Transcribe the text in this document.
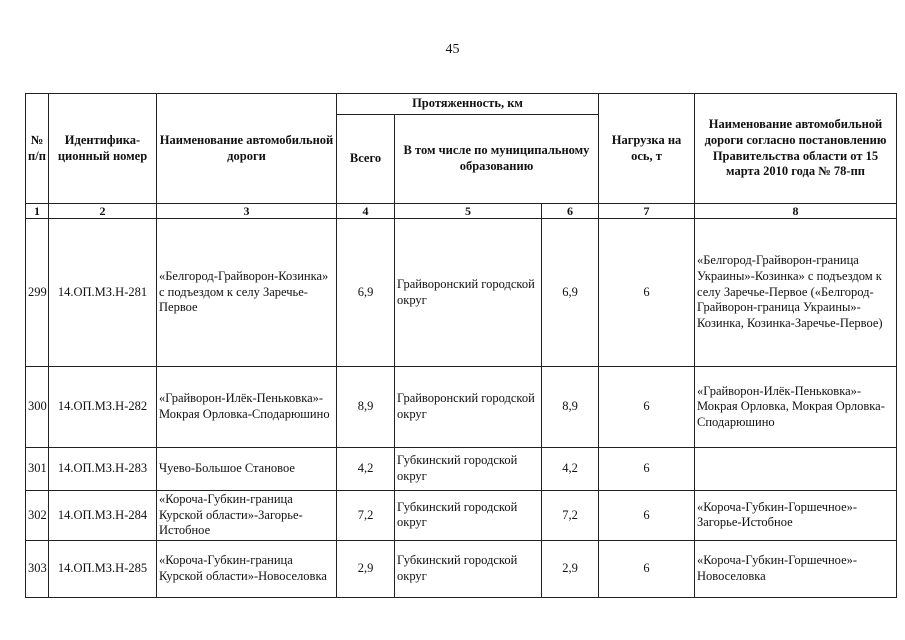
45
№ п/п	Идентифика-ционный номер	Наименование автомобильной дороги	Протяженность, км			Нагрузка на ось, т	Наименование автомобильной дороги согласно постановлению Правительства области от 15 марта 2010 года № 78-пп
			Всего	В том числе по муниципальному образованию			
1	2	3	4	5	6	7	8
299	14.ОП.МЗ.Н-281	«Белгород-Грайворон-Козинка» с подъездом к селу Заречье-Первое	6,9	Грайворонский городской округ	6,9	6	«Белгород-Грайворон-граница Украины»-Козинка» с подъездом к селу Заречье-Первое («Белгород-Грайворон-граница Украины»-Козинка, Козинка-Заречье-Первое)
300	14.ОП.МЗ.Н-282	«Грайворон-Илёк-Пеньковка»-Мокрая Орловка-Сподарюшино	8,9	Грайворонский городской округ	8,9	6	«Грайворон-Илёк-Пеньковка»-Мокрая Орловка, Мокрая Орловка-Сподарюшино
301	14.ОП.МЗ.Н-283	Чуево-Большое Становое	4,2	Губкинский городской округ	4,2	6	
302	14.ОП.МЗ.Н-284	«Короча-Губкин-граница Курской области»-Загорье-Истобное	7,2	Губкинский городской округ	7,2	6	«Короча-Губкин-Горшечное»-Загорье-Истобное
303	14.ОП.МЗ.Н-285	«Короча-Губкин-граница Курской области»-Новоселовка	2,9	Губкинский городской округ	2,9	6	«Короча-Губкин-Горшечное»-Новоселовка
